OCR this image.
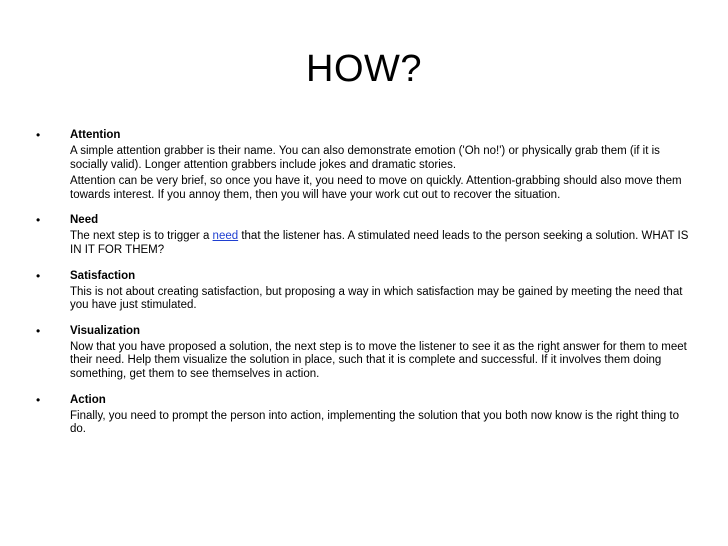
HOW?
•	Attention
A simple attention grabber is their name. You can also demonstrate emotion ('Oh no!') or physically grab them (if it is socially valid). Longer attention grabbers include jokes and dramatic stories.
Attention can be very brief, so once you have it, you need to move on quickly. Attention-grabbing should also move them towards interest. If you annoy them, then you will have your work cut out to recover the situation.
•	Need
The next step is to trigger a need that the listener has. A stimulated need leads to the person seeking a solution. WHAT IS IN IT FOR THEM?
•	Satisfaction
This is not about creating satisfaction, but proposing a way in which satisfaction may be gained by meeting the need that you have just stimulated.
•	Visualization
Now that you have proposed a solution, the next step is to move the listener to see it as the right answer for them to meet their need. Help them visualize the solution in place, such that it is complete and successful. If it involves them doing something, get them to see themselves in action.
•	Action
Finally, you need to prompt the person into action, implementing the solution that you both now know is the right thing to do.
